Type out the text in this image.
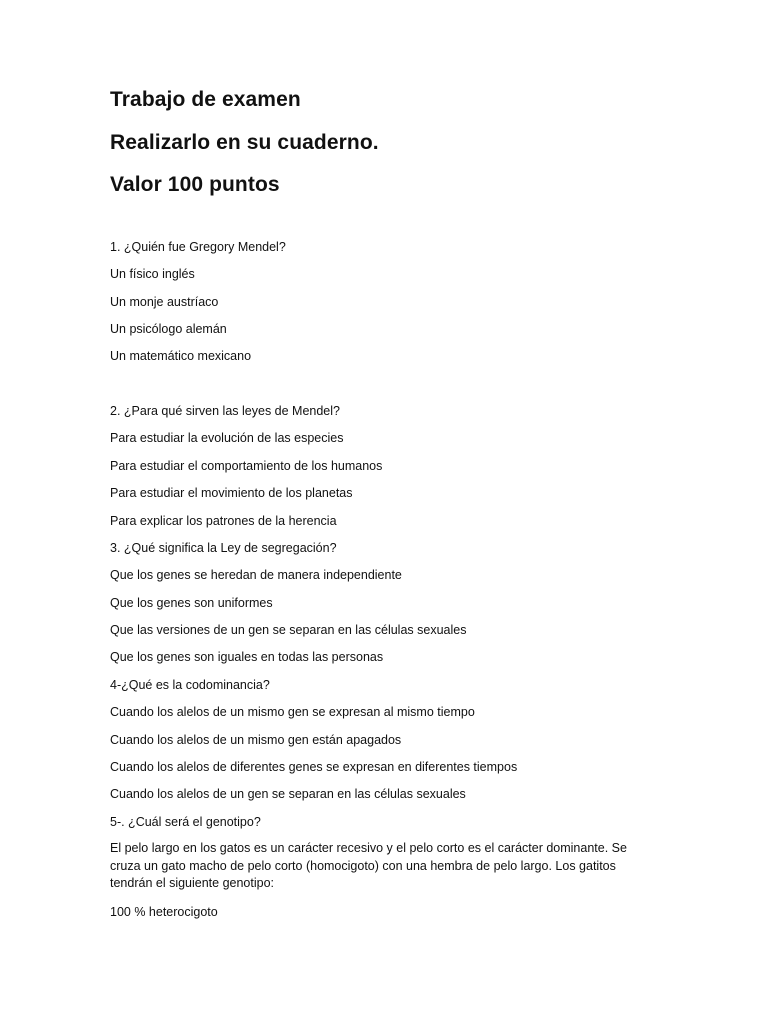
Trabajo de examen
Realizarlo en su cuaderno.
Valor 100 puntos
1. ¿Quién fue Gregory Mendel?
Un físico inglés
Un monje austríaco
Un psicólogo alemán
Un matemático mexicano
2. ¿Para qué sirven las leyes de Mendel?
Para estudiar la evolución de las especies
Para estudiar el comportamiento de los humanos
Para estudiar el movimiento de los planetas
Para explicar los patrones de la herencia
3. ¿Qué significa la Ley de segregación?
Que los genes se heredan de manera independiente
Que los genes son uniformes
Que las versiones de un gen se separan en las células sexuales
Que los genes son iguales en todas las personas
4-¿Qué es la codominancia?
Cuando los alelos de un mismo gen se expresan al mismo tiempo
Cuando los alelos de un mismo gen están apagados
Cuando los alelos de diferentes genes se expresan en diferentes tiempos
Cuando los alelos de un gen se separan en las células sexuales
5-. ¿Cuál será el genotipo?
El pelo largo en los gatos es un carácter recesivo y el pelo corto es el carácter dominante. Se cruza un gato macho de pelo corto (homocigoto) con una hembra de pelo largo. Los gatitos tendrán el siguiente genotipo:
100 % heterocigoto
